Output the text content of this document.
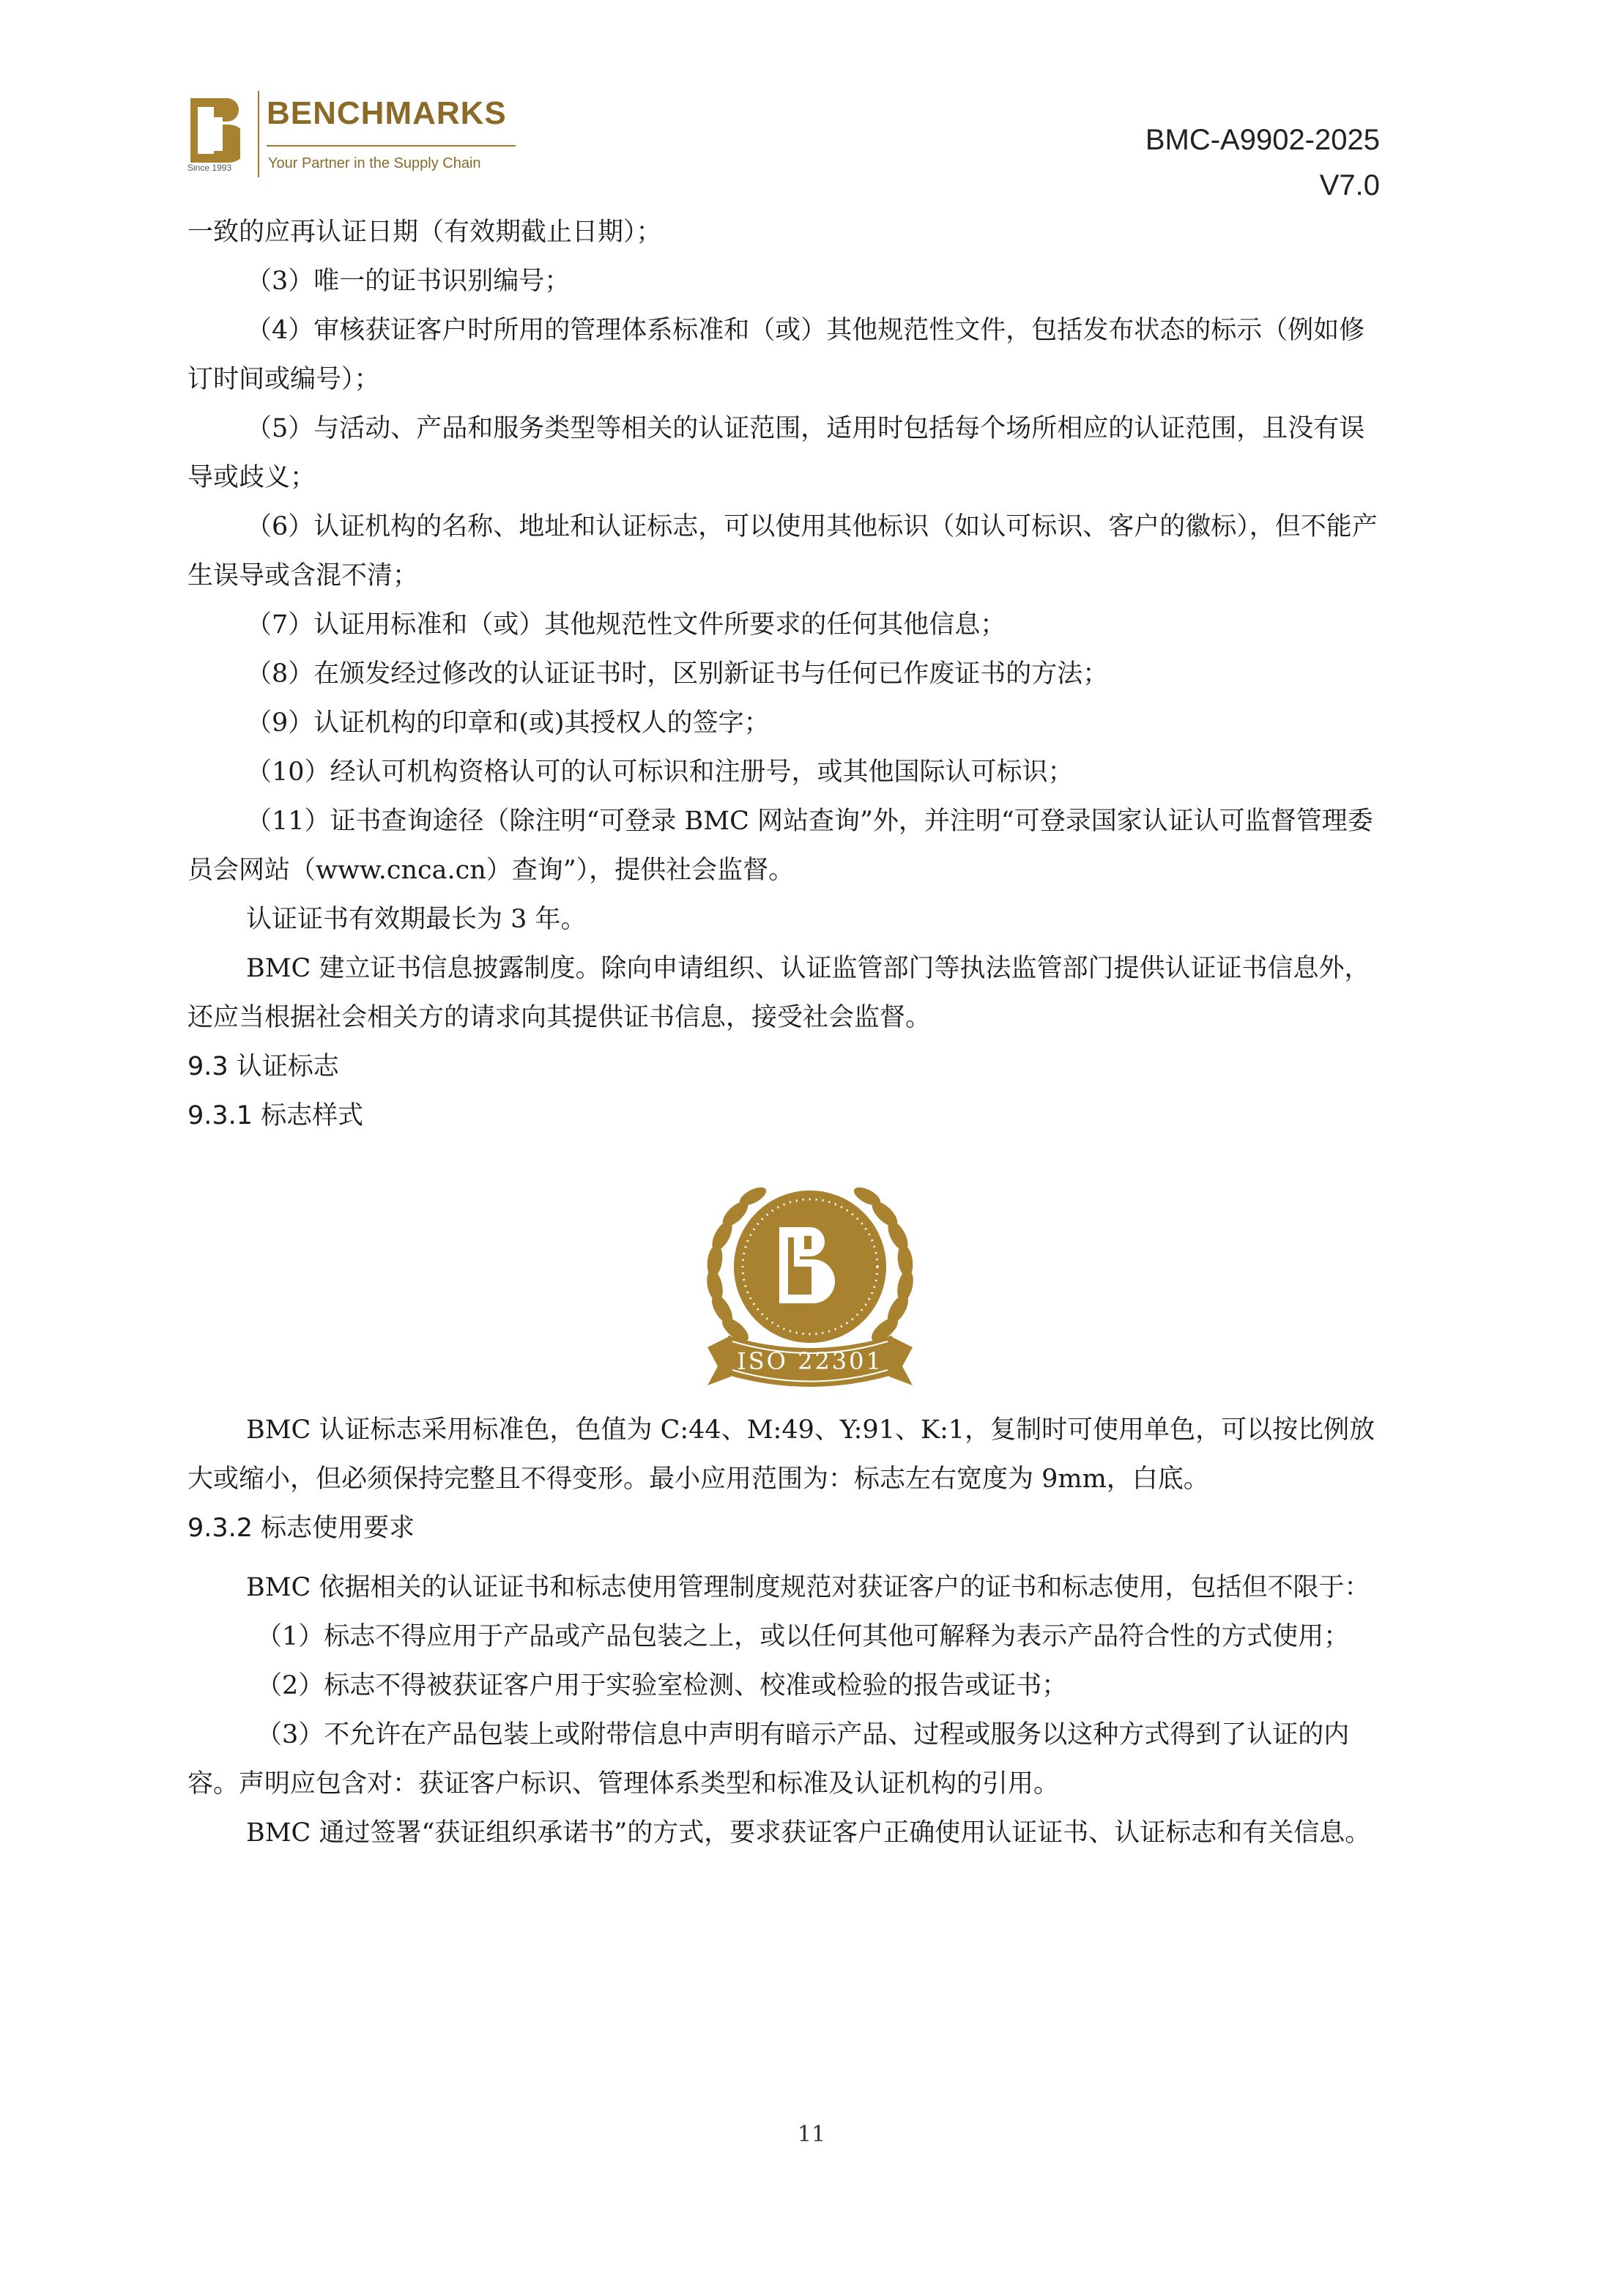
BENCHMARKS
Your Partner in the Supply Chain
Since 1993
BMC-A9902-2025
V7.0

一致的应再认证日期（有效期截止日期）；

（3）唯一的证书识别编号；

（4）审核获证客户时所用的管理体系标准和（或）其他规范性文件，包括发布状态的标示（例如修订时间或编号）；

（5）与活动、产品和服务类型等相关的认证范围，适用时包括每个场所相应的认证范围，且没有误导或歧义；

（6）认证机构的名称、地址和认证标志，可以使用其他标识（如认可标识、客户的徽标），但不能产生误导或含混不清；

（7）认证用标准和（或）其他规范性文件所要求的任何其他信息；

（8）在颁发经过修改的认证证书时，区别新证书与任何已作废证书的方法；

（9）认证机构的印章和(或)其授权人的签字；

（10）经认可机构资格认可的认可标识和注册号，或其他国际认可标识；

（11）证书查询途径（除注明“可登录 BMC 网站查询”外，并注明“可登录国家认证认可监督管理委员会网站（www.cnca.cn）查询”），提供社会监督。

认证证书有效期最长为 3 年。

BMC 建立证书信息披露制度。除向申请组织、认证监管部门等执法监管部门提供认证证书信息外，还应当根据社会相关方的请求向其提供证书信息，接受社会监督。

9.3 认证标志

9.3.1 标志样式

ISO 22301

BMC 认证标志采用标准色，色值为 C:44、M:49、Y:91、K:1，复制时可使用单色，可以按比例放大或缩小，但必须保持完整且不得变形。最小应用范围为：标志左右宽度为 9mm，白底。

9.3.2 标志使用要求

BMC 依据相关的认证证书和标志使用管理制度规范对获证客户的证书和标志使用，包括但不限于：

（1）标志不得应用于产品或产品包装之上，或以任何其他可解释为表示产品符合性的方式使用；

（2）标志不得被获证客户用于实验室检测、校准或检验的报告或证书；

（3）不允许在产品包装上或附带信息中声明有暗示产品、过程或服务以这种方式得到了认证的内容。声明应包含对：获证客户标识、管理体系类型和标准及认证机构的引用。

BMC 通过签署“获证组织承诺书”的方式，要求获证客户正确使用认证证书、认证标志和有关信息。

11
